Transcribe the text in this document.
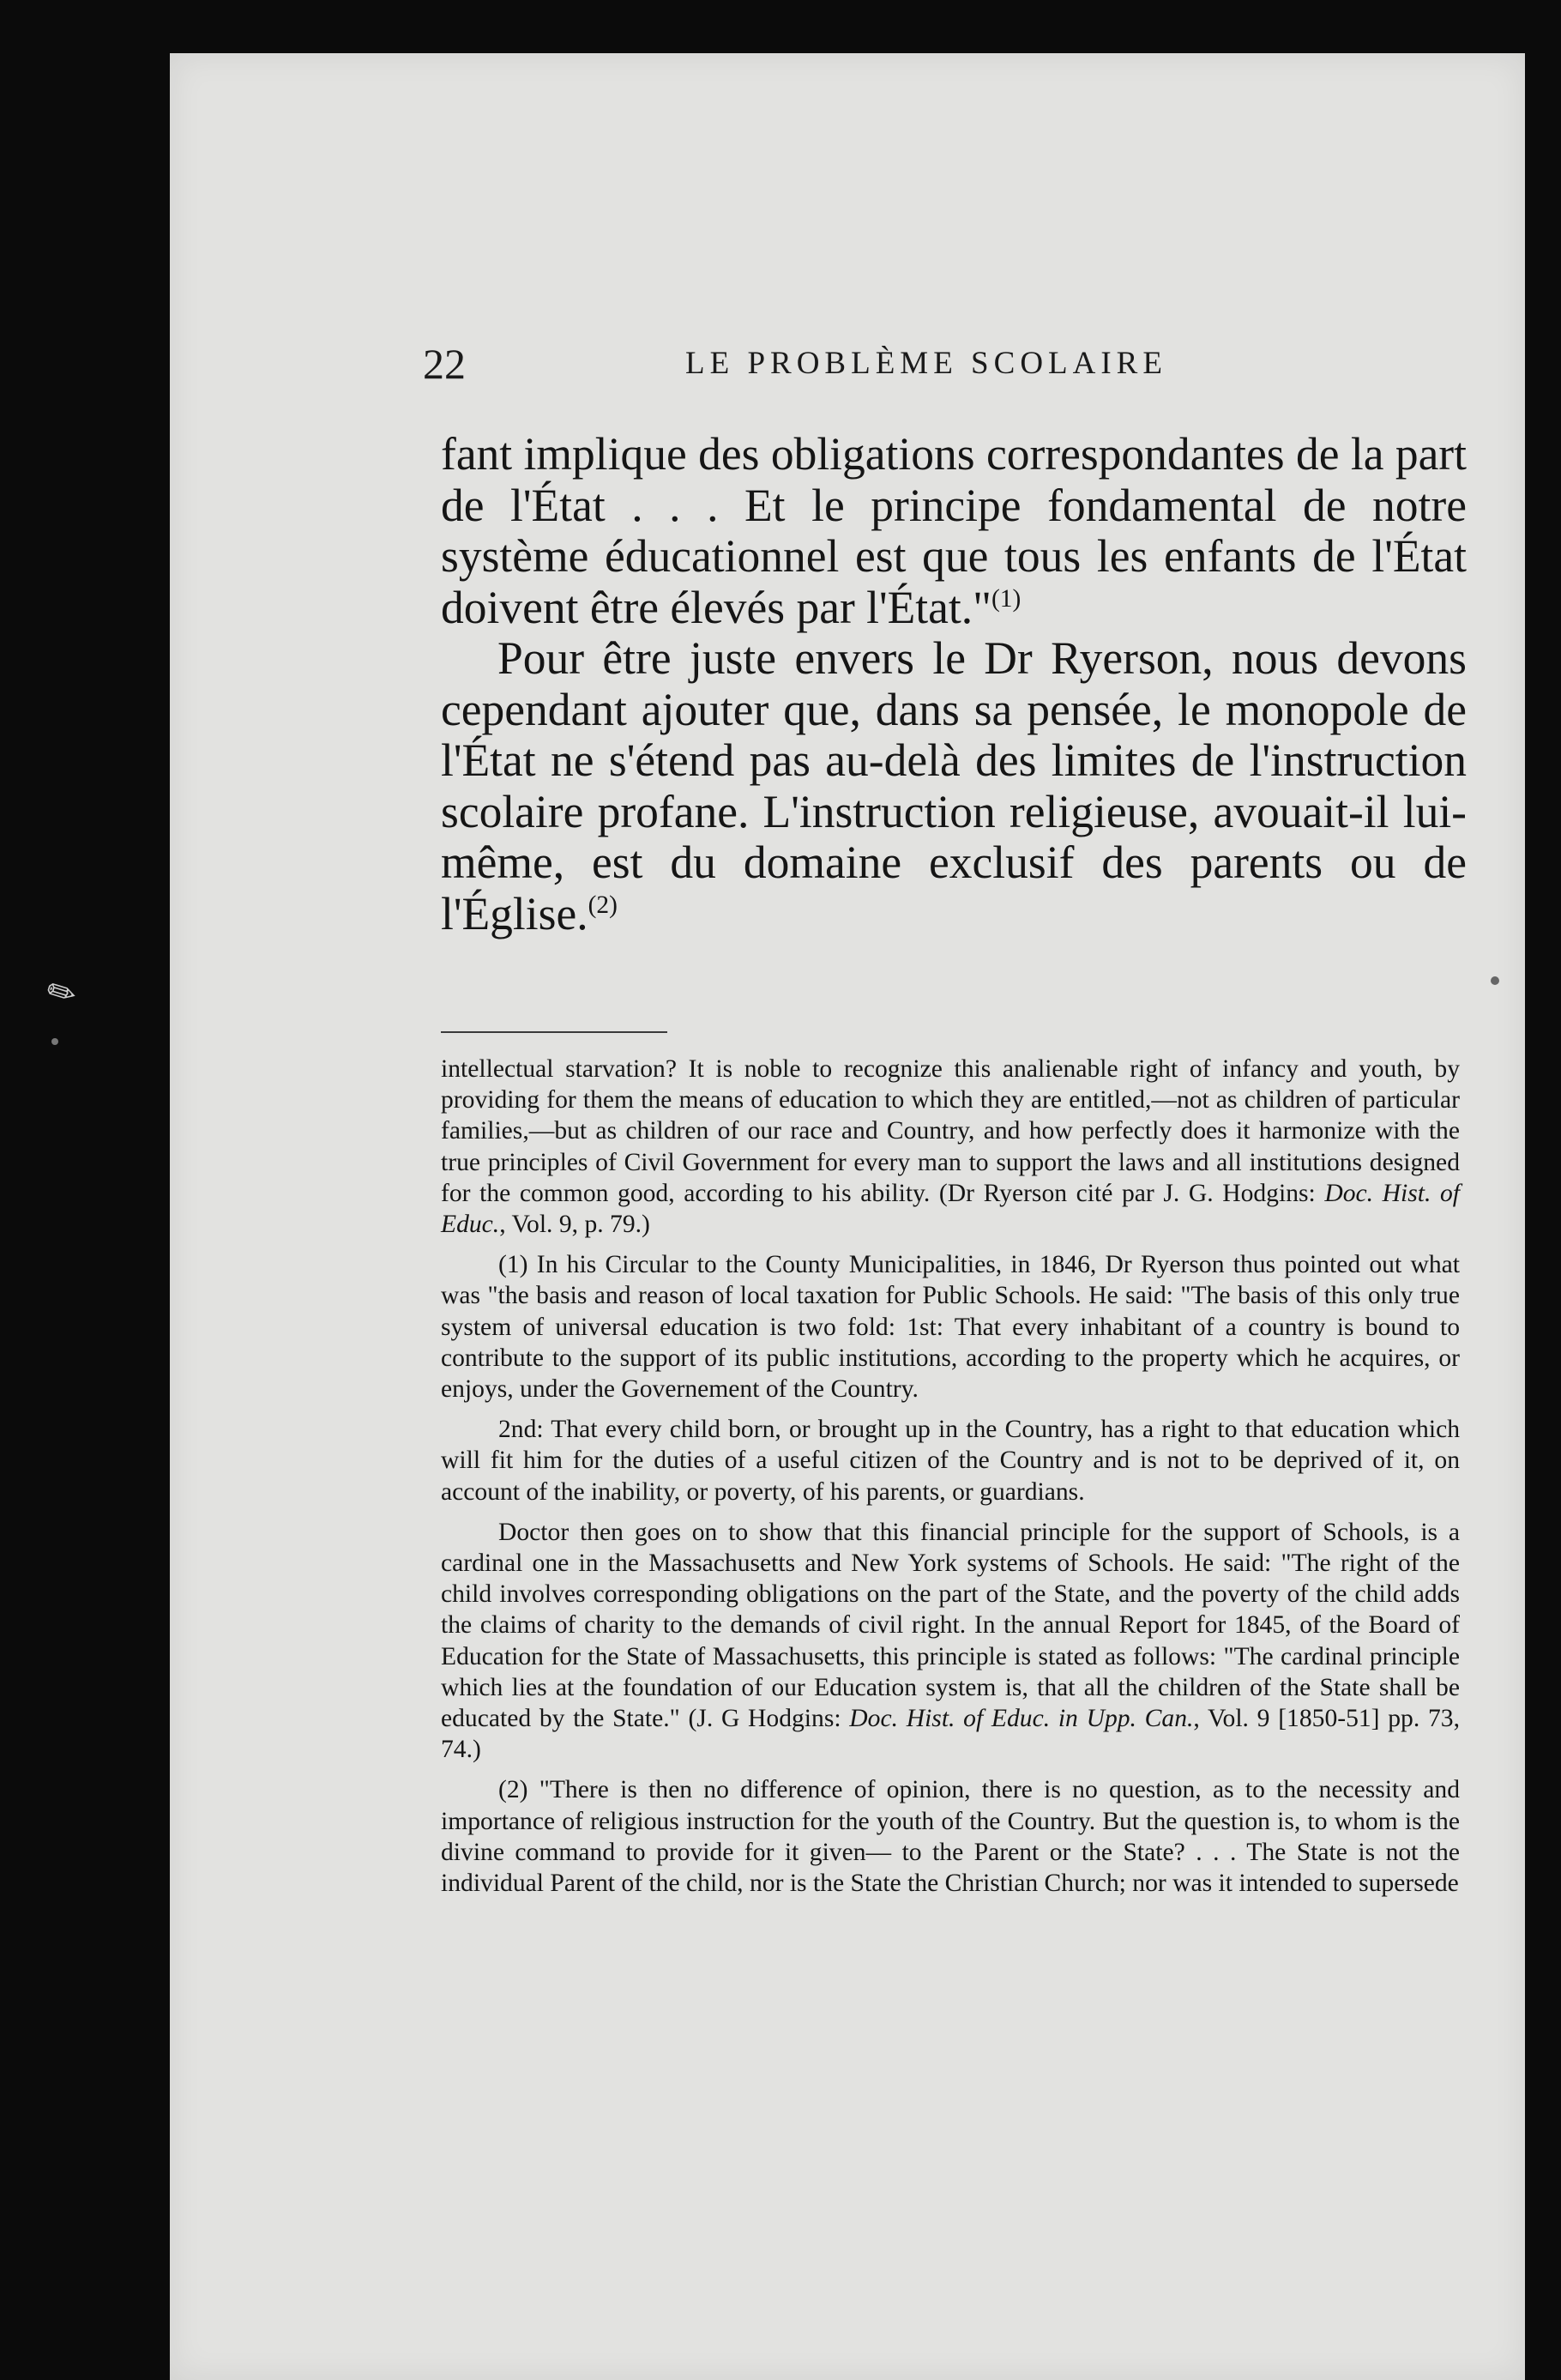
✎
22	LE PROBLÈME SCOLAIRE

fant implique des obligations correspondantes de la part de l'État . . . Et le principe fondamental de notre système éducationnel est que tous les enfants de l'État doivent être élevés par l'État."$^{(1)}$

Pour être juste envers le Dr Ryerson, nous devons cependant ajouter que, dans sa pensée, le monopole de l'État ne s'étend pas au-delà des limites de l'instruction scolaire profane. L'instruction religieuse, avouait-il lui-même, est du domaine exclusif des parents ou de l'Église.$^{(2)}$

intellectual starvation? It is noble to recognize this analienable right of infancy and youth, by providing for them the means of education to which they are entitled,—not as children of particular families,—but as children of our race and Country, and how perfectly does it harmonize with the true principles of Civil Government for every man to support the laws and all institutions designed for the common good, according to his ability. (Dr Ryerson cité par J. G. Hodgins: Doc. Hist. of Educ., Vol. 9, p. 79.)

(1) In his Circular to the County Municipalities, in 1846, Dr Ryerson thus pointed out what was "the basis and reason of local taxation for Public Schools. He said: "The basis of this only true system of universal education is two fold: 1st: That every inhabitant of a country is bound to contribute to the support of its public institutions, according to the property which he acquires, or enjoys, under the Governement of the Country.

2nd: That every child born, or brought up in the Country, has a right to that education which will fit him for the duties of a useful citizen of the Country and is not to be deprived of it, on account of the inability, or poverty, of his parents, or guardians.

Doctor then goes on to show that this financial principle for the support of Schools, is a cardinal one in the Massachusetts and New York systems of Schools. He said: "The right of the child involves corresponding obligations on the part of the State, and the poverty of the child adds the claims of charity to the demands of civil right. In the annual Report for 1845, of the Board of Education for the State of Massachusetts, this principle is stated as follows: "The cardinal principle which lies at the foundation of our Education system is, that all the children of the State shall be educated by the State." (J. G Hodgins: Doc. Hist. of Educ. in Upp. Can., Vol. 9 [1850-51] pp. 73, 74.)

(2) "There is then no difference of opinion, there is no question, as to the necessity and importance of religious instruction for the youth of the Country. But the question is, to whom is the divine command to provide for it given— to the Parent or the State? . . . The State is not the individual Parent of the child, nor is the State the Christian Church; nor was it intended to supersede
